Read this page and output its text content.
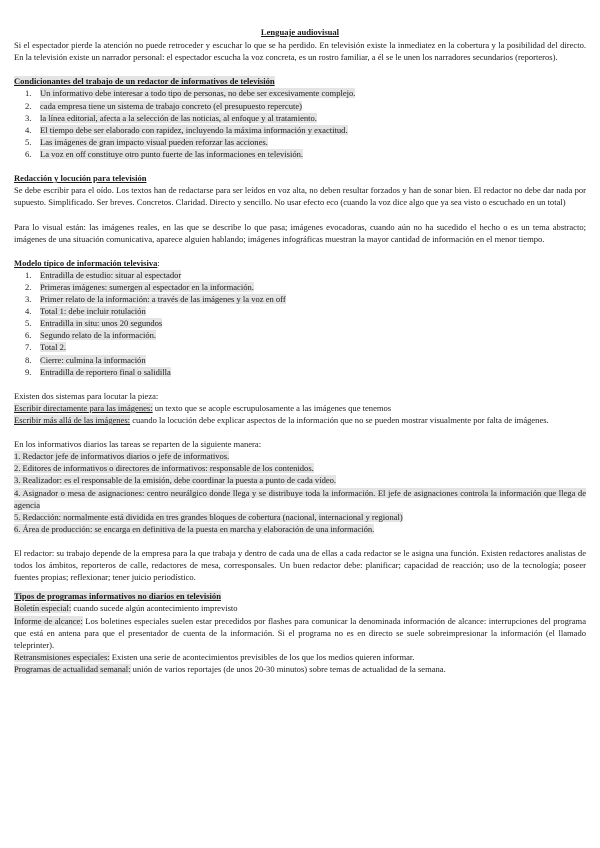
Lenguaje audiovisual

Si el espectador pierde la atención no puede retroceder y escuchar lo que se ha perdido. En televisión existe la inmediatez en la cobertura y la posibilidad del directo. En la televisión existe un narrador personal: el espectador escucha la voz concreta, es un rostro familiar, a él se le unen los narradores secundarios (reporteros).

Condicionantes del trabajo de un redactor de informativos de televisión

1. Un informativo debe interesar a todo tipo de personas, no debe ser excesivamente complejo.
2. cada empresa tiene un sistema de trabajo concreto (el presupuesto repercute)
3. la línea editorial, afecta a la selección de las noticias, al enfoque y al tratamiento.
4. El tiempo debe ser elaborado con rapidez, incluyendo la máxima información y exactitud.
5. Las imágenes de gran impacto visual pueden reforzar las acciones.
6. La voz en off constituye otro punto fuerte de las informaciones en televisión.

Redacción y locución para televisión

Se debe escribir para el oído. Los textos han de redactarse para ser leídos en voz alta, no deben resultar forzados y han de sonar bien. El redactor no debe dar nada por supuesto. Simplificado. Ser breves. Concretos. Claridad. Directo y sencillo. No usar efecto eco (cuando la voz dice algo que ya sea visto o escuchado en un total)

Para lo visual están: las imágenes reales, en las que se describe lo que pasa; imágenes evocadoras, cuando aún no ha sucedido el hecho o es un tema abstracto; imágenes de una situación comunicativa, aparece alguien hablando; imágenes infográficas muestran la mayor cantidad de información en el menor tiempo.

Modelo típico de información televisiva:

1. Entradilla de estudio: situar al espectador
2. Primeras imágenes: sumergen al espectador en la información.
3. Primer relato de la información: a través de las imágenes y la voz en off
4. Total 1: debe incluir rotulación
5. Entradilla in situ: unos 20 segundos
6. Segundo relato de la información.
7. Total 2.
8. Cierre: culmina la información
9. Entradilla de reportero final o salidilla

Existen dos sistemas para locutar la pieza:

Escribir directamente para las imágenes: un texto que se acople escrupulosamente a las imágenes que tenemos

Escribir más allá de las imágenes: cuando la locución debe explicar aspectos de la información que no se pueden mostrar visualmente por falta de imágenes.

En los informativos diarios las tareas se reparten de la siguiente manera:

1. Redactor jefe de informativos diarios o jefe de informativos.

2. Editores de informativos o directores de informativos: responsable de los contenidos.

3. Realizador: es el responsable de la emisión, debe coordinar la puesta a punto de cada vídeo.

4. Asignador o mesa de asignaciones: centro neurálgico donde llega y se distribuye toda la información. El jefe de asignaciones controla la información que llega de agencia

5. Redacción: normalmente está dividida en tres grandes bloques de cobertura (nacional, internacional y regional)

6. Área de producción: se encarga en definitiva de la puesta en marcha y elaboración de una información.

El redactor: su trabajo depende de la empresa para la que trabaja y dentro de cada una de ellas a cada redactor se le asigna una función. Existen redactores analistas de todos los ámbitos, reporteros de calle, redactores de mesa, corresponsales. Un buen redactor debe: planificar; capacidad de reacción; uso de la tecnología; poseer fuentes propias; reflexionar; tener juicio periodístico.

Tipos de programas informativos no diarios en televisión

Boletín especial: cuando sucede algún acontecimiento imprevisto

Informe de alcance: Los boletines especiales suelen estar precedidos por flashes para comunicar la denominada información de alcance: interrupciones del programa que está en antena para que el presentador de cuenta de la información. Si el programa no es en directo se suele sobreimpresionar la información (el llamado teleprinter).

Retransmisiones especiales: Existen una serie de acontecimientos previsibles de los que los medios quieren informar.

Programas de actualidad semanal: unión de varios reportajes (de unos 20-30 minutos) sobre temas de actualidad de la semana.
